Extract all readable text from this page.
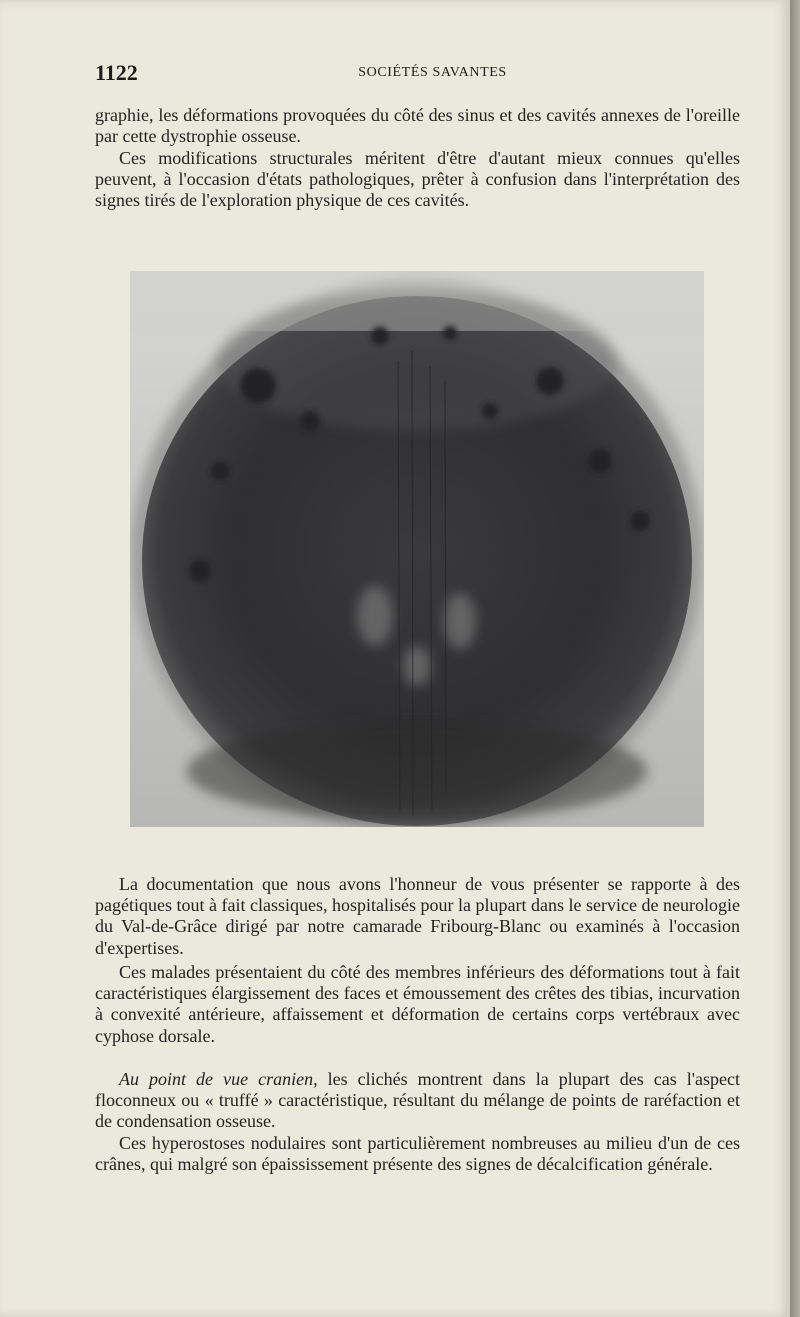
1122	SOCIÉTÉS SAVANTES

graphie, les déformations provoquées du côté des sinus et des cavités annexes de l'oreille par cette dystrophie osseuse.

Ces modifications structurales méritent d'être d'autant mieux connues qu'elles peuvent, à l'occasion d'états pathologiques, prêter à confusion dans l'interprétation des signes tirés de l'exploration physique de ces cavités.

La documentation que nous avons l'honneur de vous présenter se rapporte à des pagétiques tout à fait classiques, hospitalisés pour la plupart dans le service de neurologie du Val-de-Grâce dirigé par notre camarade Fribourg-Blanc ou examinés à l'occasion d'expertises.

Ces malades présentaient du côté des membres inférieurs des déformations tout à fait caractéristiques élargissement des faces et émoussement des crêtes des tibias, incurvation à convexité antérieure, affaissement et déformation de certains corps vertébraux avec cyphose dorsale.

Au point de vue cranien, les clichés montrent dans la plupart des cas l'aspect floconneux ou « truffé » caractéristique, résultant du mélange de points de raréfaction et de condensation osseuse.

Ces hyperostoses nodulaires sont particulièrement nombreuses au milieu d'un de ces crânes, qui malgré son épaississement présente des signes de décalcification générale.
